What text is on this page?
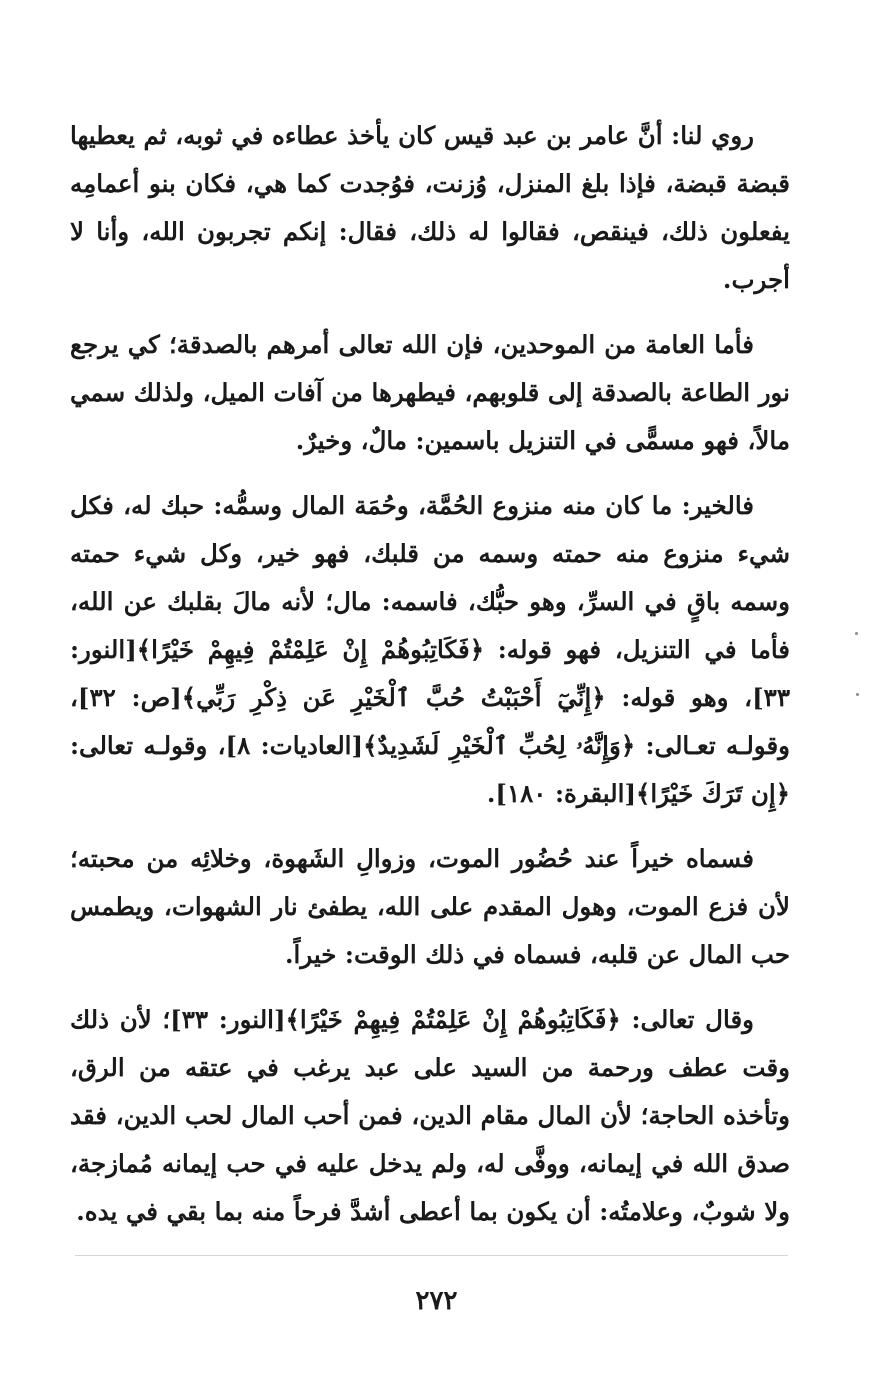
روي لنا: أنَّ عامر بن عبد قيس كان يأخذ عطاءه في ثوبه، ثم يعطيها قبضة قبضة، فإذا بلغ المنزل، وُزنت، فوُجدت كما هي، فكان بنو أعمامِه يفعلون ذلك، فينقص، فقالوا له ذلك، فقال: إنكم تجربون الله، وأنا لا أجرب.

فأما العامة من الموحدين، فإن الله تعالى أمرهم بالصدقة؛ كي يرجع نور الطاعة بالصدقة إلى قلوبهم، فيطهرها من آفات الميل، ولذلك سمي مالاً، فهو مسمًّى في التنزيل باسمين: مالٌ، وخيرٌ.

فالخير: ما كان منه منزوع الحُمَّة، وحُمَة المال وسمُّه: حبك له، فكل شيء منزوع منه حمته وسمه من قلبك، فهو خير، وكل شيء حمته وسمه باقٍ في السرِّ، وهو حبُّك، فاسمه: مال؛ لأنه مالَ بقلبك عن الله، فأما في التنزيل، فهو قوله: ﴿فَكَاتِبُوهُمْ إِنْ عَلِمْتُمْ فِيهِمْ خَيْرًا﴾[النور: ٣٣]، وهو قوله: ﴿إِنِّيٓ أَحْبَبْتُ حُبَّ ٱلْخَيْرِ عَن ذِكْرِ رَبِّي﴾[ص: ٣٢]، وقولـه تعـالى: ﴿وَإِنَّهُۥ لِحُبِّ ٱلْخَيْرِ لَشَدِيدٌ﴾[العاديات: ٨]، وقولـه تعالى: ﴿إِن تَرَكَ خَيْرًا﴾[البقرة: ١٨٠].

فسماه خيراً عند حُضُور الموت، وزوالِ الشَهوة، وخلائِه من محبته؛ لأن فزع الموت، وهول المقدم على الله، يطفئ نار الشهوات، ويطمس حب المال عن قلبه، فسماه في ذلك الوقت: خيراً.

وقال تعالى: ﴿فَكَاتِبُوهُمْ إِنْ عَلِمْتُمْ فِيهِمْ خَيْرًا﴾[النور: ٣٣]؛ لأن ذلك وقت عطف ورحمة من السيد على عبد يرغب في عتقه من الرق، وتأخذه الحاجة؛ لأن المال مقام الدين، فمن أحب المال لحب الدين، فقد صدق الله في إيمانه، ووفَّى له، ولم يدخل عليه في حب إيمانه مُمازجة، ولا شوبٌ، وعلامتُه: أن يكون بما أعطى أشدَّ فرحاً منه بما بقي في يده.

٢٧٢
